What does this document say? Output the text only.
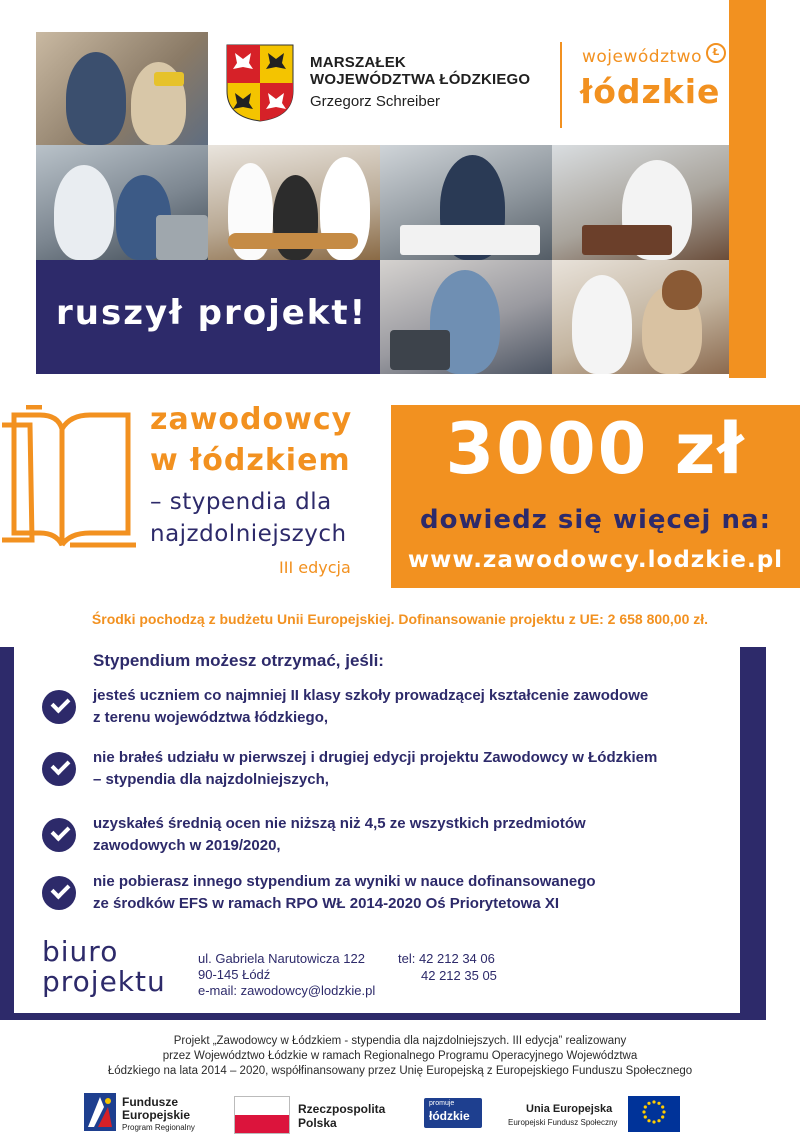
MARSZAŁEK
WOJEWÓDZTWA ŁÓDZKIEGO
Grzegorz Schreiber
województwo	Ł
łódzkie
ruszył projekt!
zawodowcy
w łódzkiem
– stypendia dla
najzdolniejszych
III edycja
3000 zł
dowiedz się więcej na:
www.zawodowcy.lodzkie.pl
Środki pochodzą z budżetu Unii Europejskiej. Dofinansowanie projektu z UE: 2 658 800,00 zł.
Stypendium możesz otrzymać, jeśli:
jesteś uczniem co najmniej II klasy szkoły prowadzącej kształcenie zawodowe
z terenu województwa łódzkiego,
nie brałeś udziału w pierwszej i drugiej edycji projektu Zawodowcy w Łódzkiem
– stypendia dla najzdolniejszych,
uzyskałeś średnią ocen nie niższą niż 4,5 ze wszystkich przedmiotów
zawodowych w 2019/2020,
nie pobierasz innego stypendium za wyniki w nauce dofinansowanego
ze środków EFS w ramach RPO WŁ 2014-2020 Oś Priorytetowa XI
biuro
projektu
ul. Gabriela Narutowicza 122
90-145 Łódź
e-mail: zawodowcy@lodzkie.pl
tel: 42 212 34 06
42 212 35 05
Projekt „Zawodowcy w Łódzkiem - stypendia dla najzdolniejszych. III edycja” realizowany
przez Województwo Łódzkie w ramach Regionalnego Programu Operacyjnego Województwa
Łódzkiego na lata 2014 – 2020, współfinansowany przez Unię Europejską z Europejskiego Funduszu Społecznego
Fundusze
Europejskie
Program Regionalny
Rzeczpospolita
Polska
promuje
łódzkie	Unia Europejska
Europejski Fundusz Społeczny
